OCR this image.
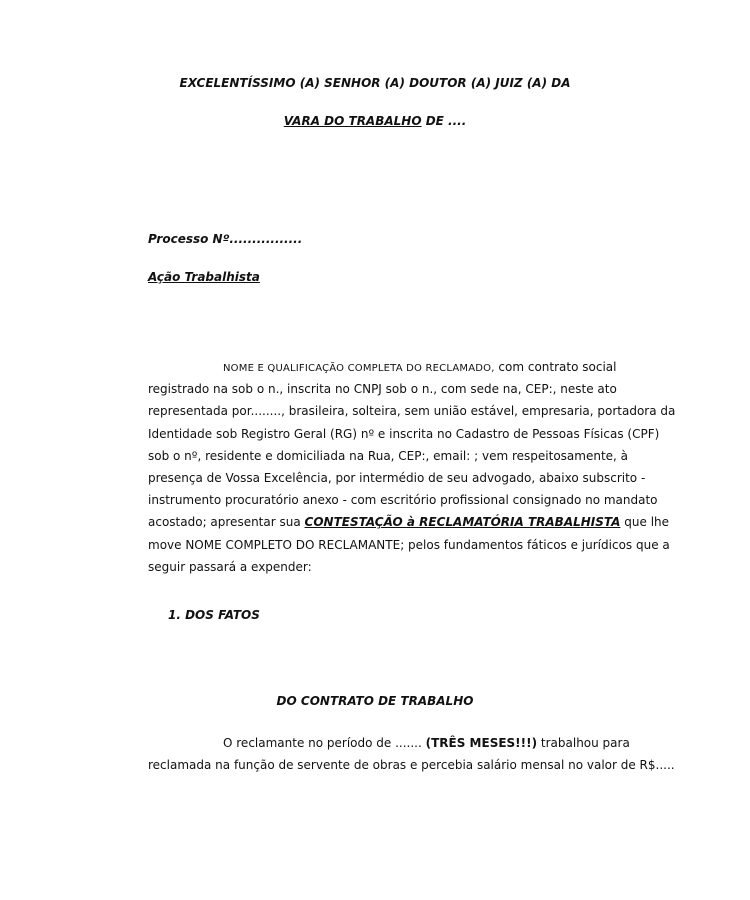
EXCELENTÍSSIMO (A) SENHOR (A) DOUTOR (A) JUIZ (A) DA
VARA DO TRABALHO DE ....
Processo Nº................
Ação Trabalhista
NOME E QUALIFICAÇÃO COMPLETA DO RECLAMADO, com contrato social
registrado na sob o n., inscrita no CNPJ sob o n., com sede na, CEP:, neste ato
representada por........, brasileira, solteira, sem união estável, empresaria, portadora da
Identidade sob Registro Geral (RG) nº e inscrita no Cadastro de Pessoas Físicas (CPF)
sob o nº, residente e domiciliada na Rua, CEP:, email: ; vem respeitosamente, à
presença de Vossa Excelência, por intermédio de seu advogado, abaixo subscrito -
instrumento procuratório anexo - com escritório profissional consignado no mandato
acostado; apresentar sua CONTESTAÇÃO à RECLAMATÓRIA TRABALHISTA que lhe
move NOME COMPLETO DO RECLAMANTE; pelos fundamentos fáticos e jurídicos que a
seguir passará a expender:
1. DOS FATOS
DO CONTRATO DE TRABALHO
O reclamante no período de ....... (TRÊS MESES!!!) trabalhou para
reclamada na função de servente de obras e percebia salário mensal no valor de R$.....
